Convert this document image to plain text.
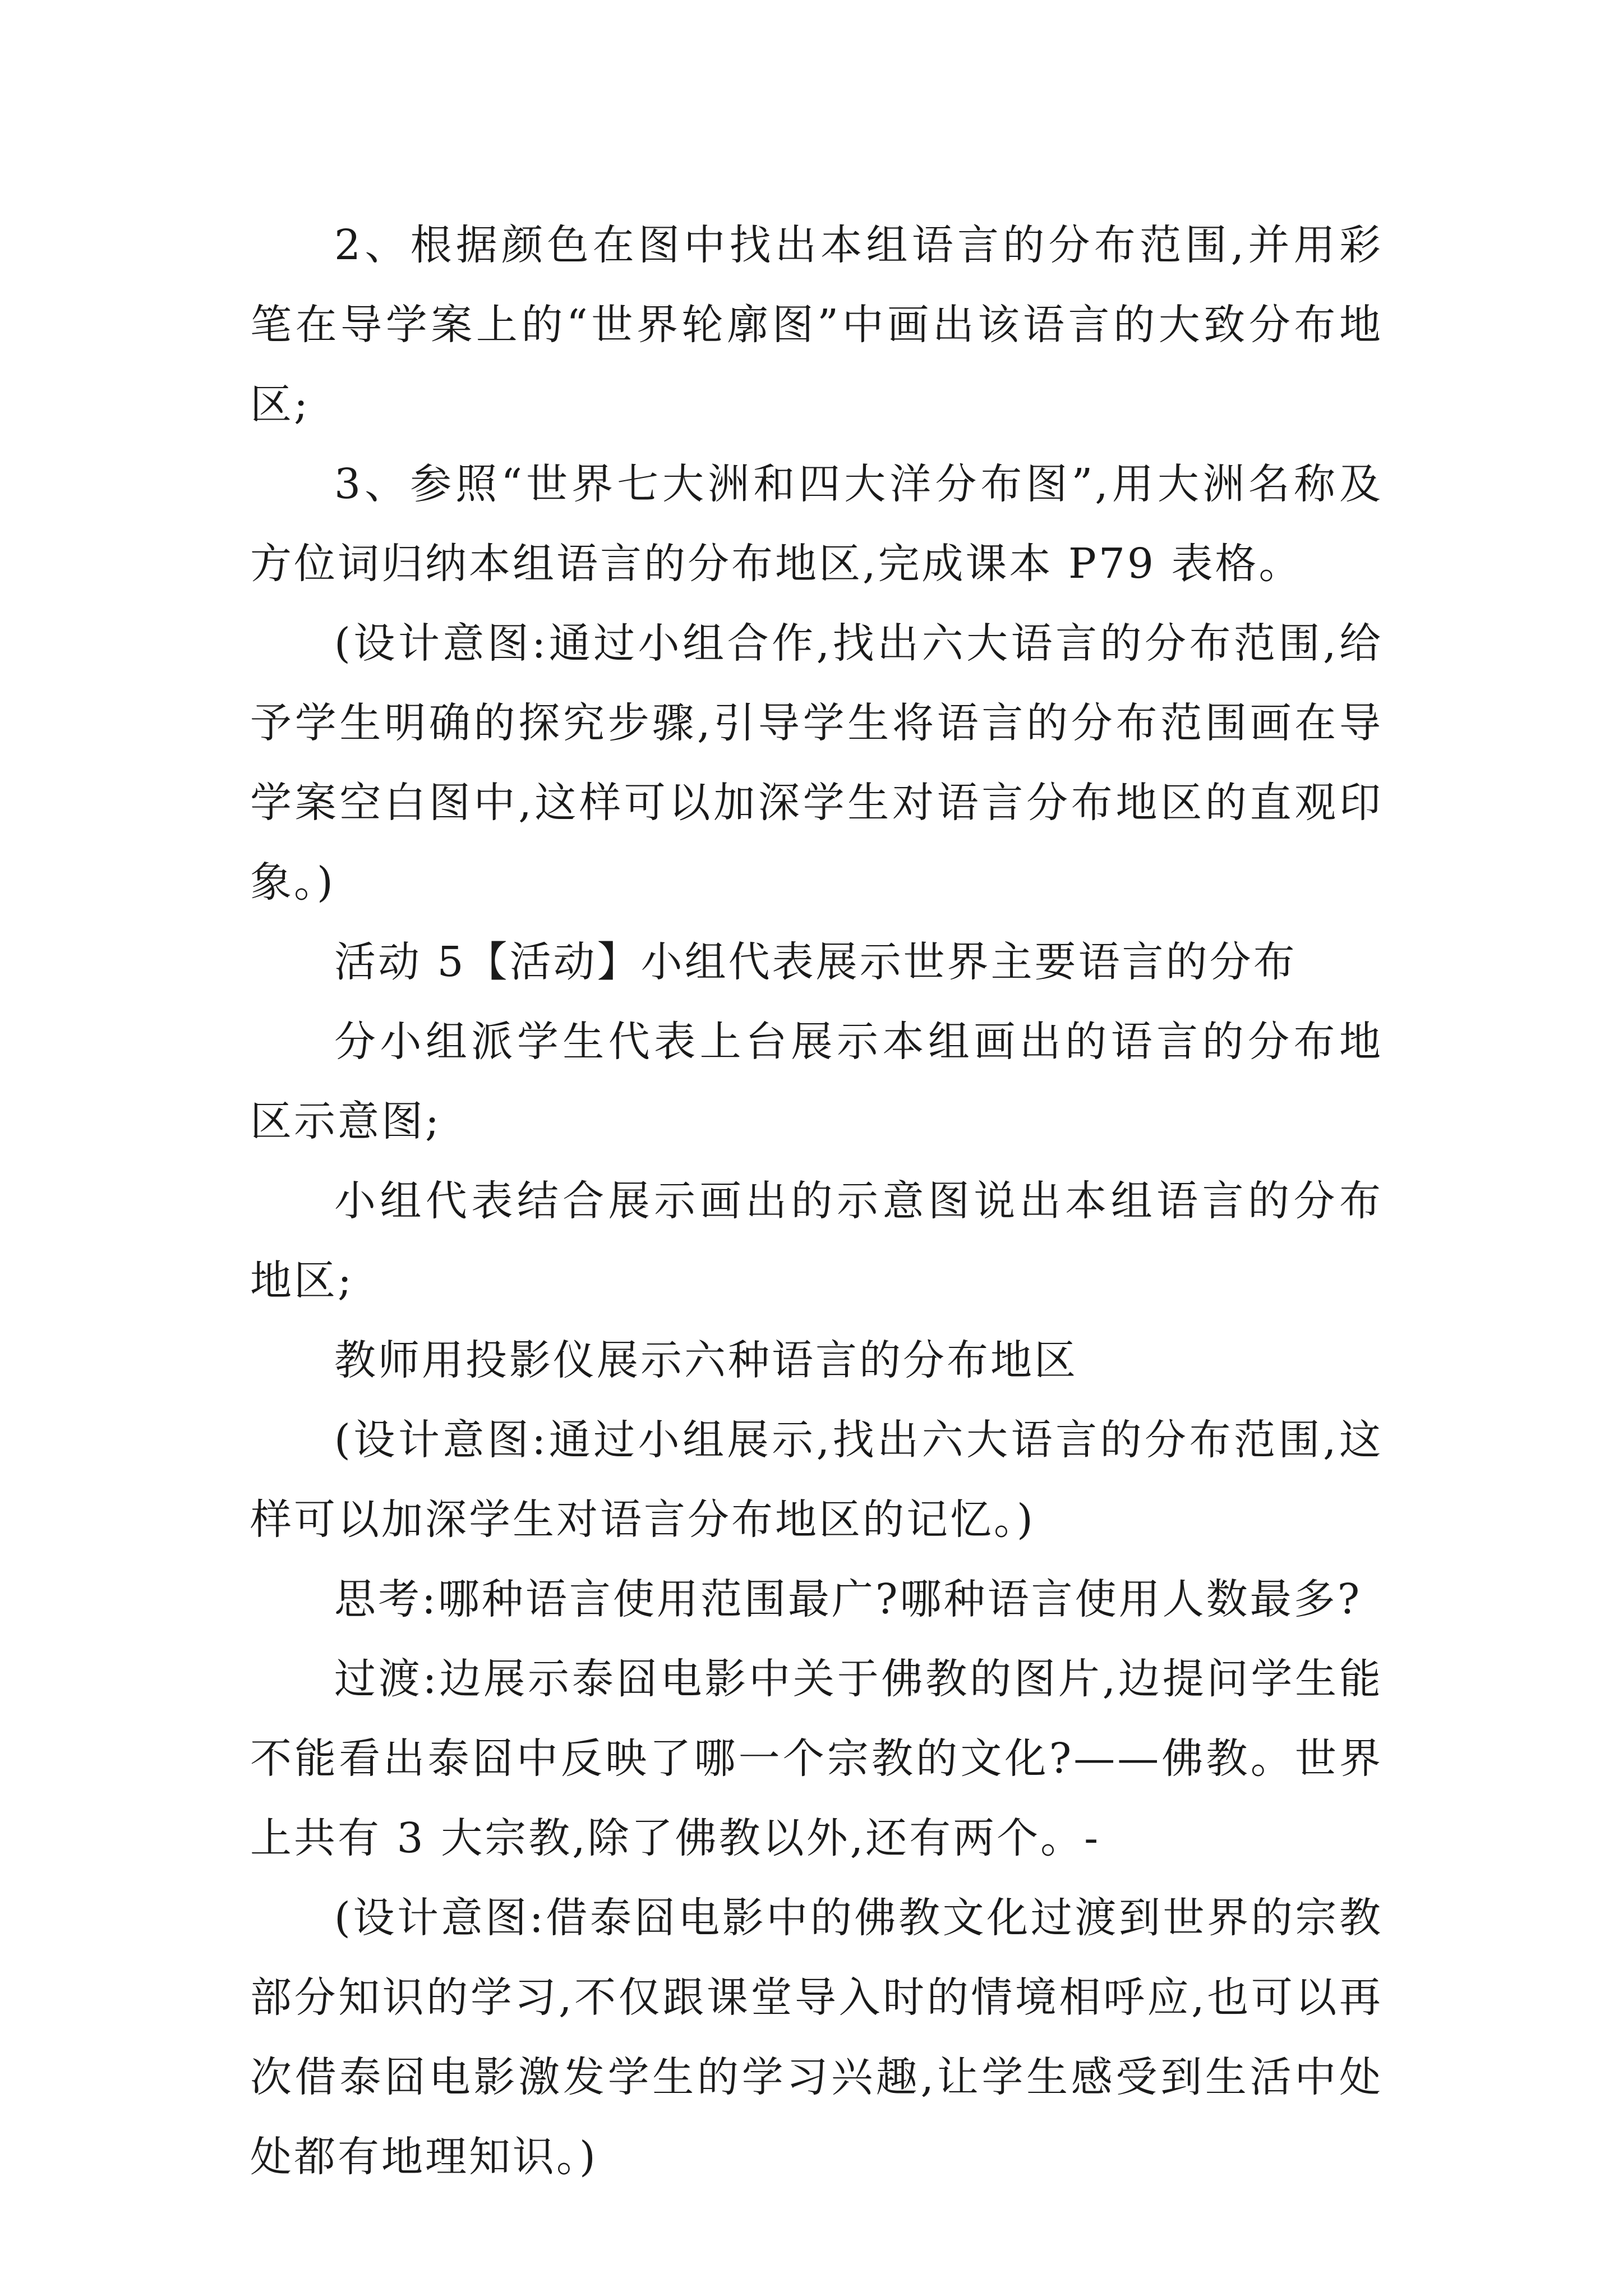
2、根据颜色在图中找出本组语言的分布范围,并用彩笔在导学案上的“世界轮廓图”中画出该语言的大致分布地区;

3、参照“世界七大洲和四大洋分布图”,用大洲名称及方位词归纳本组语言的分布地区,完成课本 P79 表格。

(设计意图:通过小组合作,找出六大语言的分布范围,给予学生明确的探究步骤,引导学生将语言的分布范围画在导学案空白图中,这样可以加深学生对语言分布地区的直观印象。)

活动 5【活动】小组代表展示世界主要语言的分布

分小组派学生代表上台展示本组画出的语言的分布地区示意图;

小组代表结合展示画出的示意图说出本组语言的分布地区;

教师用投影仪展示六种语言的分布地区

(设计意图:通过小组展示,找出六大语言的分布范围,这样可以加深学生对语言分布地区的记忆。)

思考:哪种语言使用范围最广?哪种语言使用人数最多?

过渡:边展示泰囧电影中关于佛教的图片,边提问学生能不能看出泰囧中反映了哪一个宗教的文化?——佛教。世界上共有 3 大宗教,除了佛教以外,还有两个。-

(设计意图:借泰囧电影中的佛教文化过渡到世界的宗教部分知识的学习,不仅跟课堂导入时的情境相呼应,也可以再次借泰囧电影激发学生的学习兴趣,让学生感受到生活中处处都有地理知识。)
